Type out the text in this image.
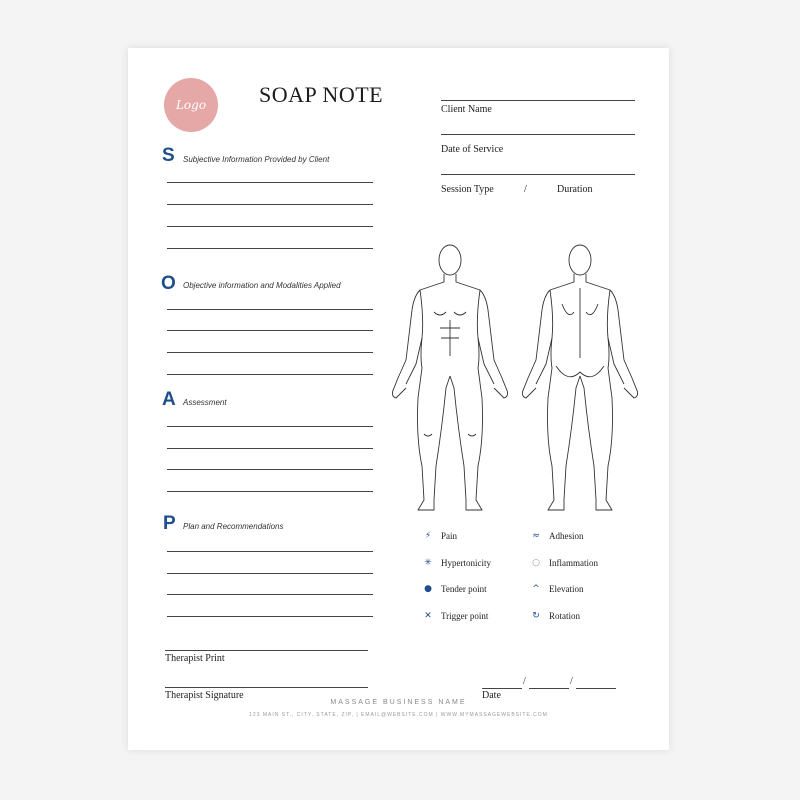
Logo SOAP NOTE
Client Name
Date of Service
Session Type	/	Duration
S Subjective Information Provided by Client
O Objective information and Modalities Applied
A Assessment
P Plan and Recommendations
⚡	Pain	≈	Adhesion
✳	Hypertonicity	○	Inflammation
●	Tender point	^	Elevation
✕	Trigger point	↻	Rotation
Therapist Print
Therapist Signature
/	/
Date
MASSAGE BUSINESS NAME
123 MAIN ST., CITY, STATE, ZIP, | EMAIL@WEBSITE.COM | WWW.MYMASSAGEWEBSITE.COM
